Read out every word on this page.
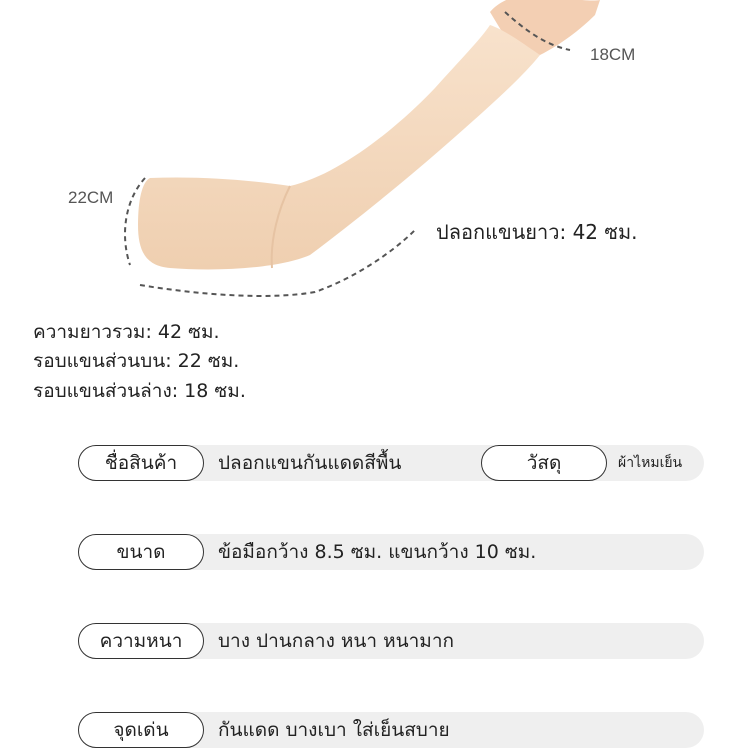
18CM
22CM
ปลอกแขนยาว: 42 ซม.
ความยาวรวม: 42 ซม.
รอบแขนส่วนบน: 22 ซม.
รอบแขนส่วนล่าง: 18 ซม.
ชื่อสินค้า	ปลอกแขนกันแดดสีพื้น	วัสดุ	ผ้าไหมเย็น
ขนาด	ข้อมือกว้าง 8.5 ซม. แขนกว้าง 10 ซม.
ความหนา	บาง ปานกลาง หนา หนามาก
จุดเด่น	กันแดด บางเบา ใส่เย็นสบาย
